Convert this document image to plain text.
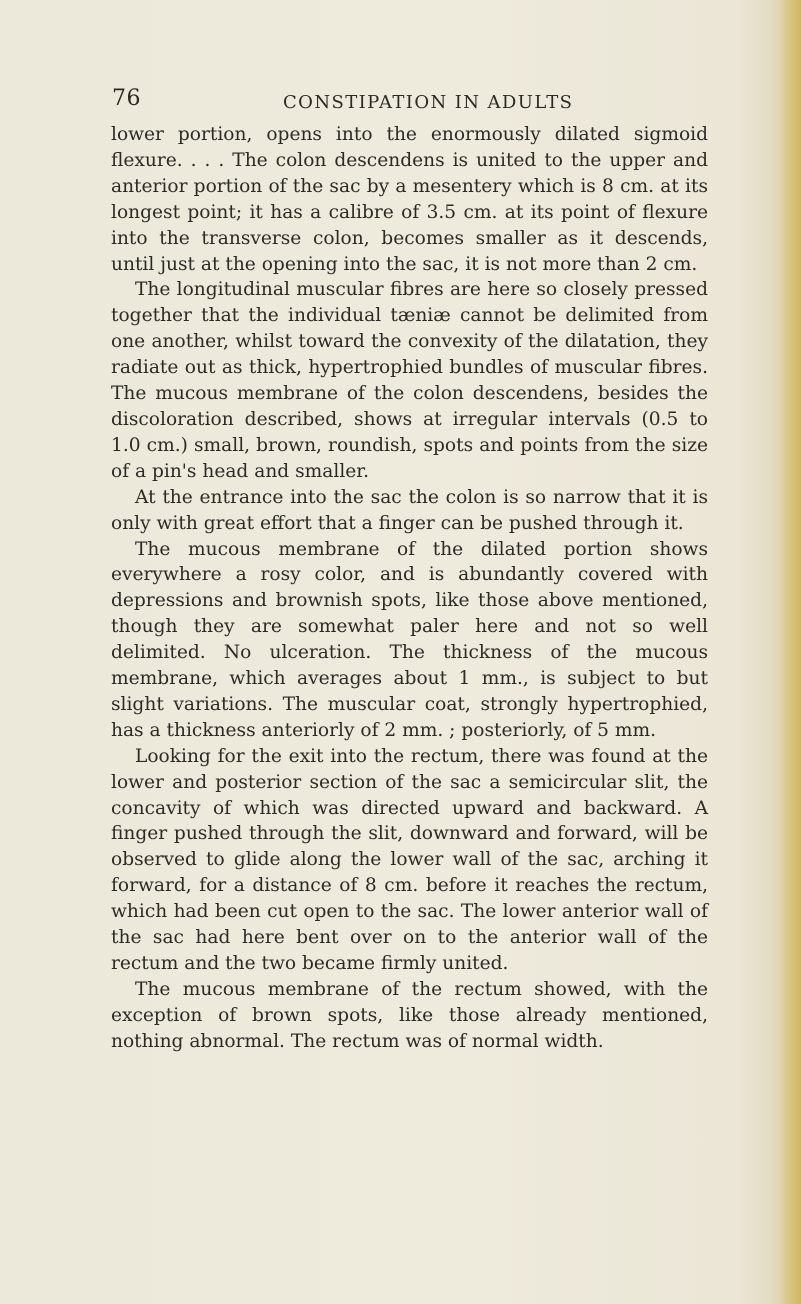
76	CONSTIPATION IN ADULTS

lower portion, opens into the enormously dilated sigmoid flexure. . . . The colon descendens is united to the upper and anterior portion of the sac by a mesentery which is 8 cm. at its longest point; it has a calibre of 3.5 cm. at its point of flexure into the transverse colon, becomes smaller as it descends, until just at the opening into the sac, it is not more than 2 cm.

The longitudinal muscular fibres are here so closely pressed together that the individual tæniæ cannot be delimited from one another, whilst toward the convexity of the dilatation, they radiate out as thick, hypertrophied bundles of muscular fibres. The mucous membrane of the colon descendens, besides the discoloration described, shows at irregular intervals (0.5 to 1.0 cm.) small, brown, roundish, spots and points from the size of a pin's head and smaller.

At the entrance into the sac the colon is so narrow that it is only with great effort that a finger can be pushed through it.

The mucous membrane of the dilated portion shows everywhere a rosy color, and is abundantly covered with depressions and brownish spots, like those above mentioned, though they are somewhat paler here and not so well delimited. No ulceration. The thickness of the mucous membrane, which averages about 1 mm., is subject to but slight variations. The muscular coat, strongly hypertrophied, has a thickness anteriorly of 2 mm. ; posteriorly, of 5 mm.

Looking for the exit into the rectum, there was found at the lower and posterior section of the sac a semicircular slit, the concavity of which was directed upward and backward. A finger pushed through the slit, downward and forward, will be observed to glide along the lower wall of the sac, arching it forward, for a distance of 8 cm. before it reaches the rectum, which had been cut open to the sac. The lower anterior wall of the sac had here bent over on to the anterior wall of the rectum and the two became firmly united.

The mucous membrane of the rectum showed, with the exception of brown spots, like those already mentioned, nothing abnormal. The rectum was of normal width.
